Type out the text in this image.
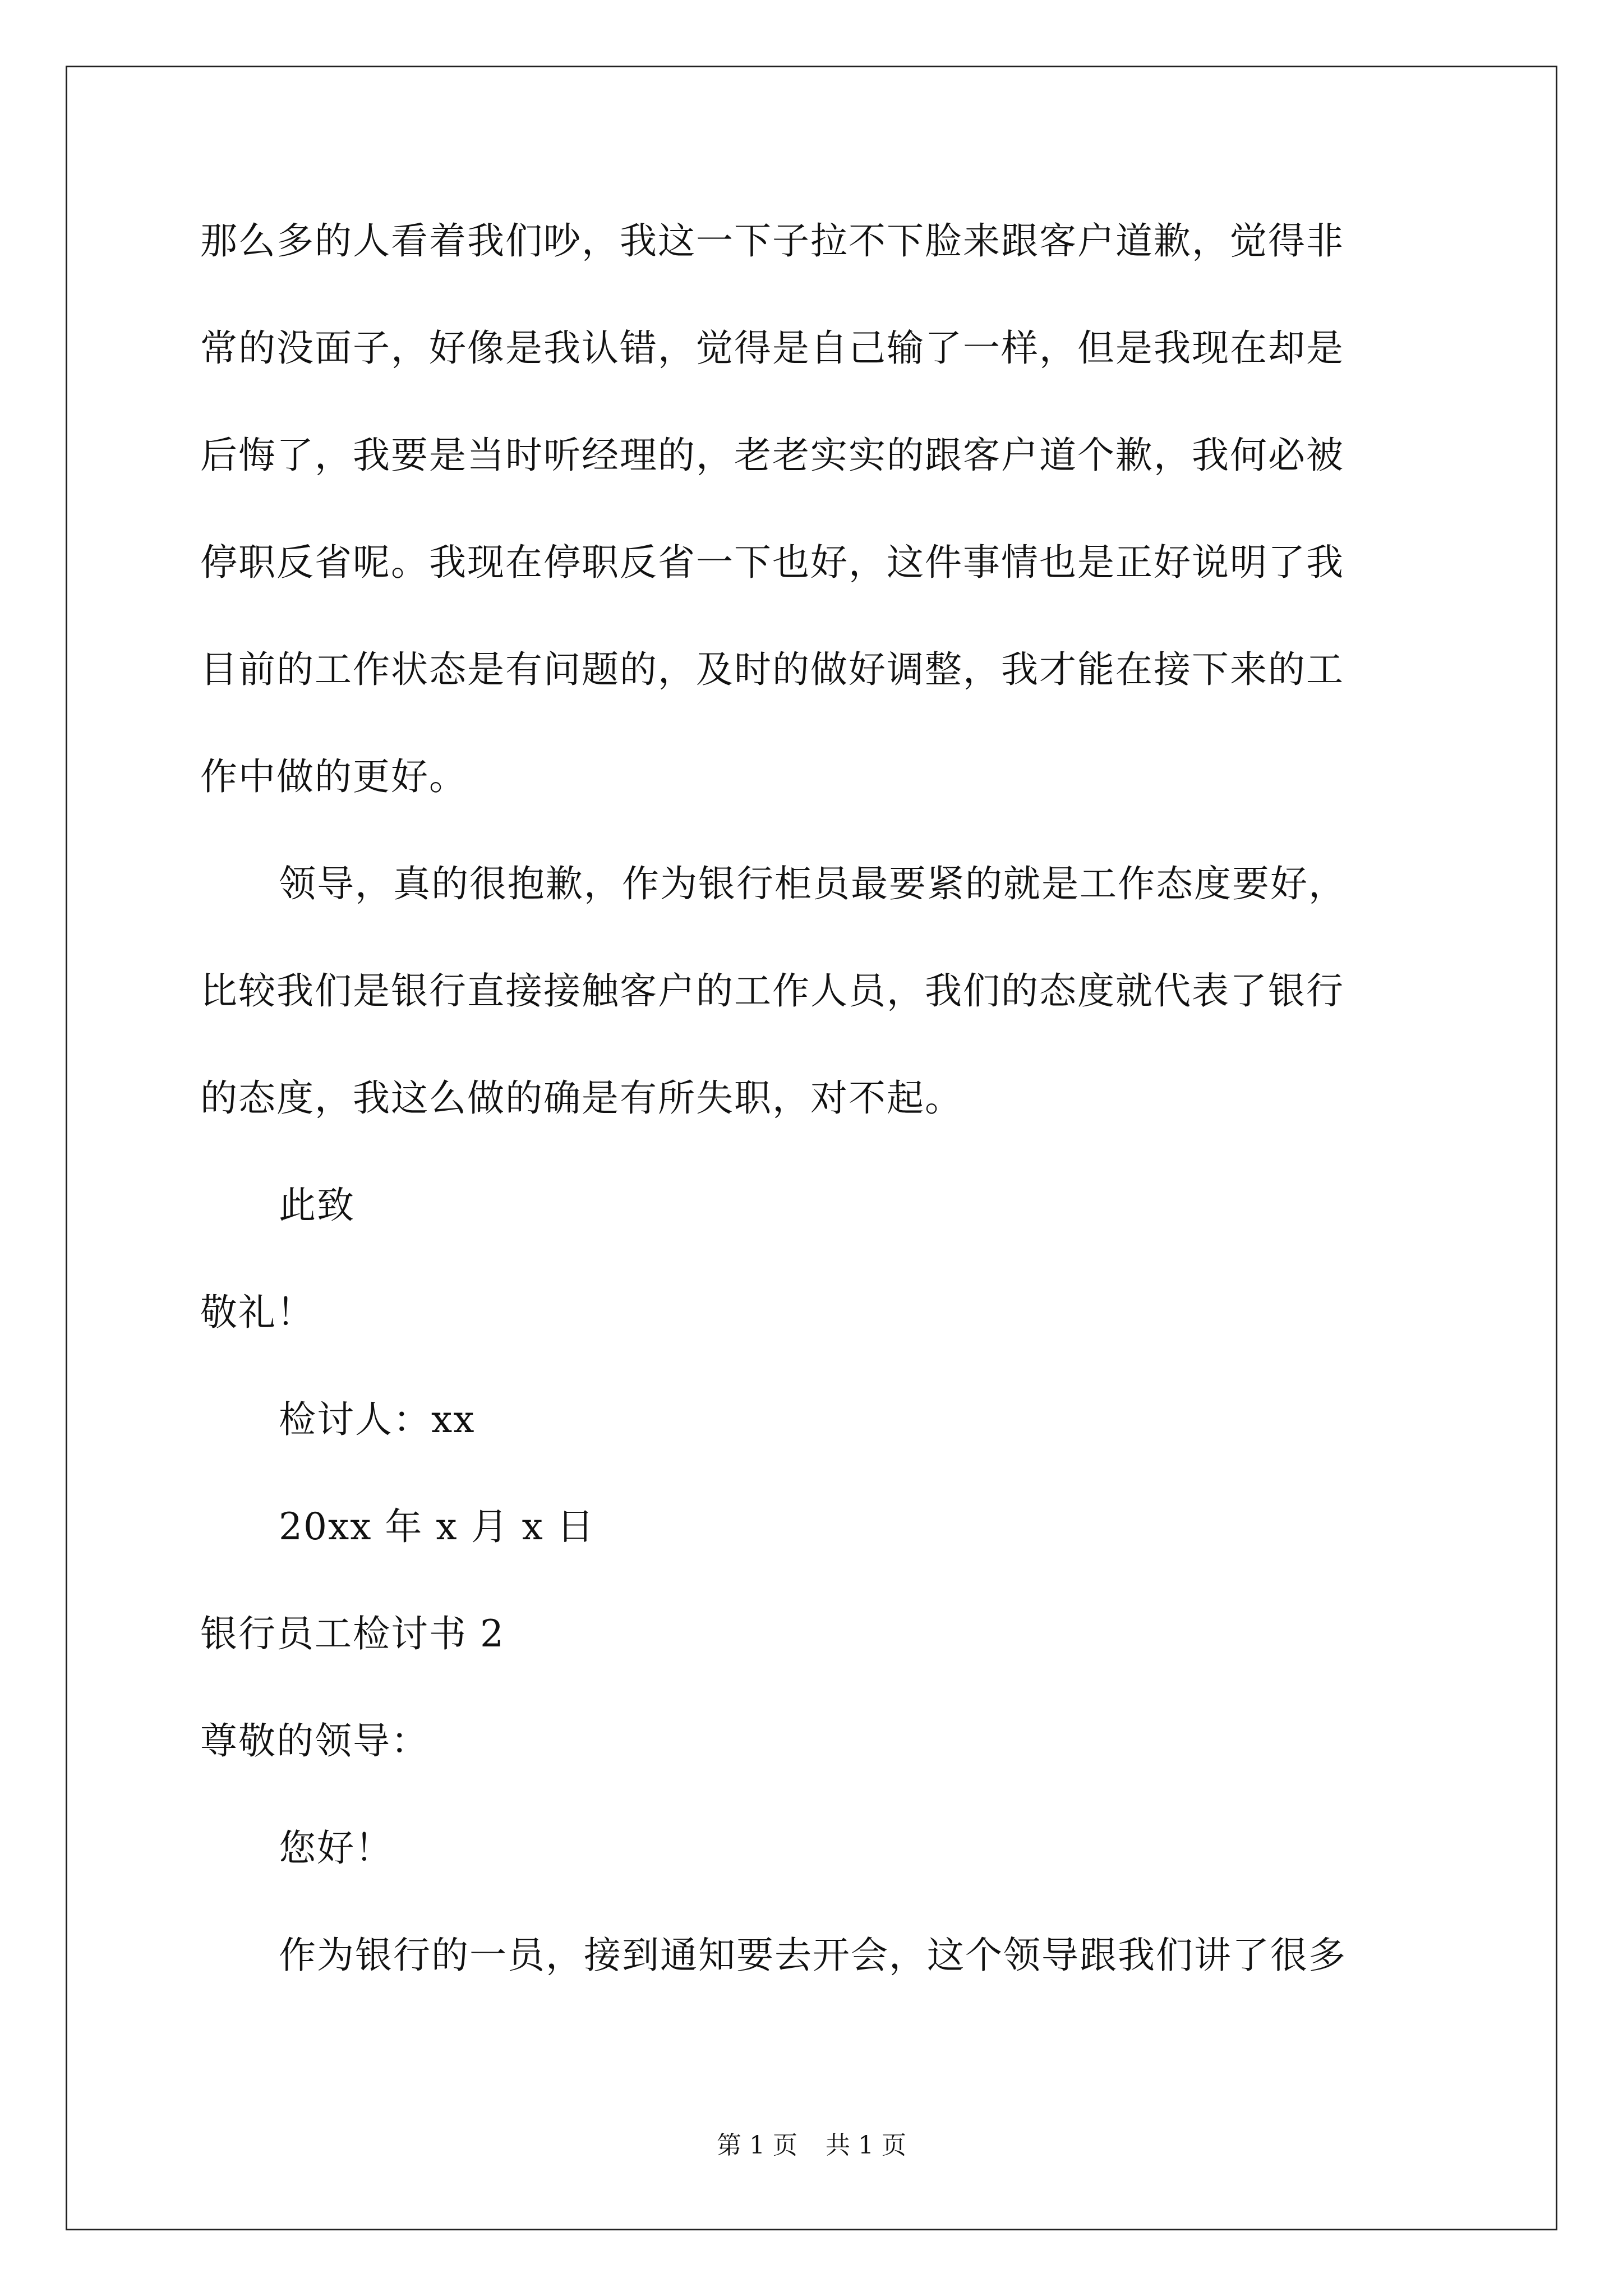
那么多的人看着我们吵，我这一下子拉不下脸来跟客户道歉，觉得非
常的没面子，好像是我认错，觉得是自己输了一样，但是我现在却是
后悔了，我要是当时听经理的，老老实实的跟客户道个歉，我何必被
停职反省呢。我现在停职反省一下也好，这件事情也是正好说明了我
目前的工作状态是有问题的，及时的做好调整，我才能在接下来的工
作中做的更好。
领导，真的很抱歉，作为银行柜员最要紧的就是工作态度要好，
比较我们是银行直接接触客户的工作人员，我们的态度就代表了银行
的态度，我这么做的确是有所失职，对不起。
此致
敬礼！
检讨人：xx
20xx 年 x 月 x 日
银行员工检讨书 2
尊敬的领导：
您好！
作为银行的一员，接到通知要去开会，这个领导跟我们讲了很多
第 1 页 共 1 页
